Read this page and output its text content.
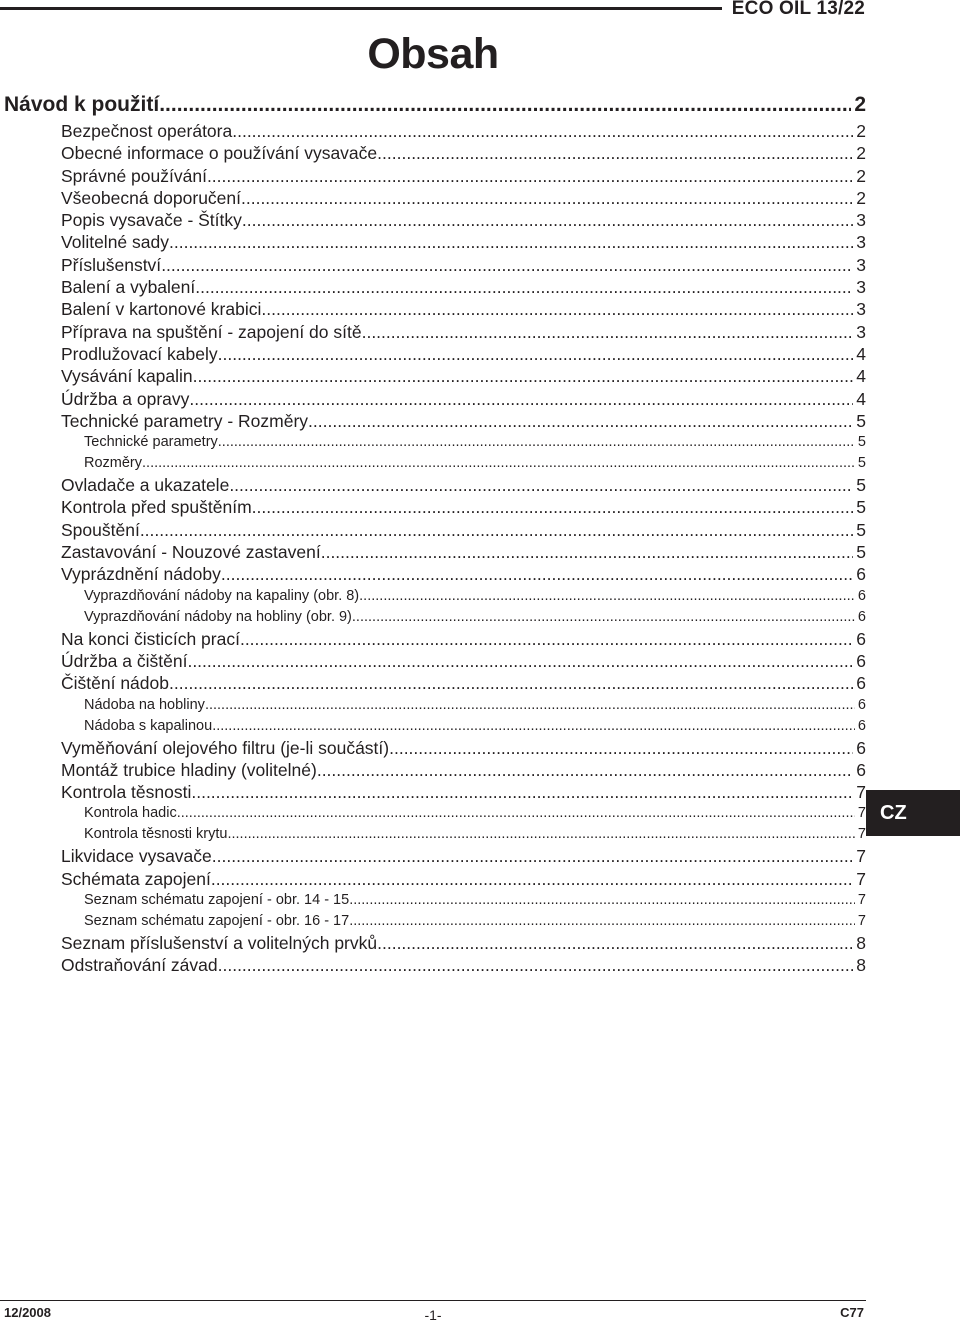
ECO OIL 13/22
Obsah
Návod k použití .....	2
Bezpečnost operátora .....	2
Obecné informace o používání vysavače .....	2
Správné používání .....	2
Všeobecná doporučení .....	2
Popis vysavače - Štítky .....	3
Volitelné sady .....	3
Příslušenství .....	3
Balení a vybalení .....	3
Balení v kartonové krabici .....	3
Příprava na spuštění - zapojení do sítě .....	3
Prodlužovací kabely .....	4
Vysávání kapalin .....	4
Údržba a opravy .....	4
Technické parametry - Rozměry .....	5
Technické parametry .....	5
Rozměry .....	5
Ovladače a ukazatele .....	5
Kontrola před spuštěním .....	5
Spouštění .....	5
Zastavování - Nouzové zastavení .....	5
Vyprázdnění nádoby .....	6
Vyprazdňování nádoby na kapaliny (obr. 8). .....	6
Vyprazdňování nádoby na hobliny (obr. 9). .....	6
Na konci čisticích prací .....	6
Údržba a čištění .....	6
Čištění nádob .....	6
Nádoba na hobliny .....	6
Nádoba s kapalinou .....	6
Vyměňování olejového filtru (je-li součástí) .....	6
Montáž trubice hladiny (volitelné) .....	6
Kontrola těsnosti .....	7
Kontrola hadic .....	7
Kontrola těsnosti krytu .....	7
Likvidace vysavače .....	7
Schémata zapojení .....	7
Seznam schématu zapojení - obr. 14 - 15 .....	7
Seznam schématu zapojení - obr. 16 - 17 .....	7
Seznam příslušenství a volitelných prvků .....	8
Odstraňování závad .....	8
CZ
12/2008	-1-	C77
